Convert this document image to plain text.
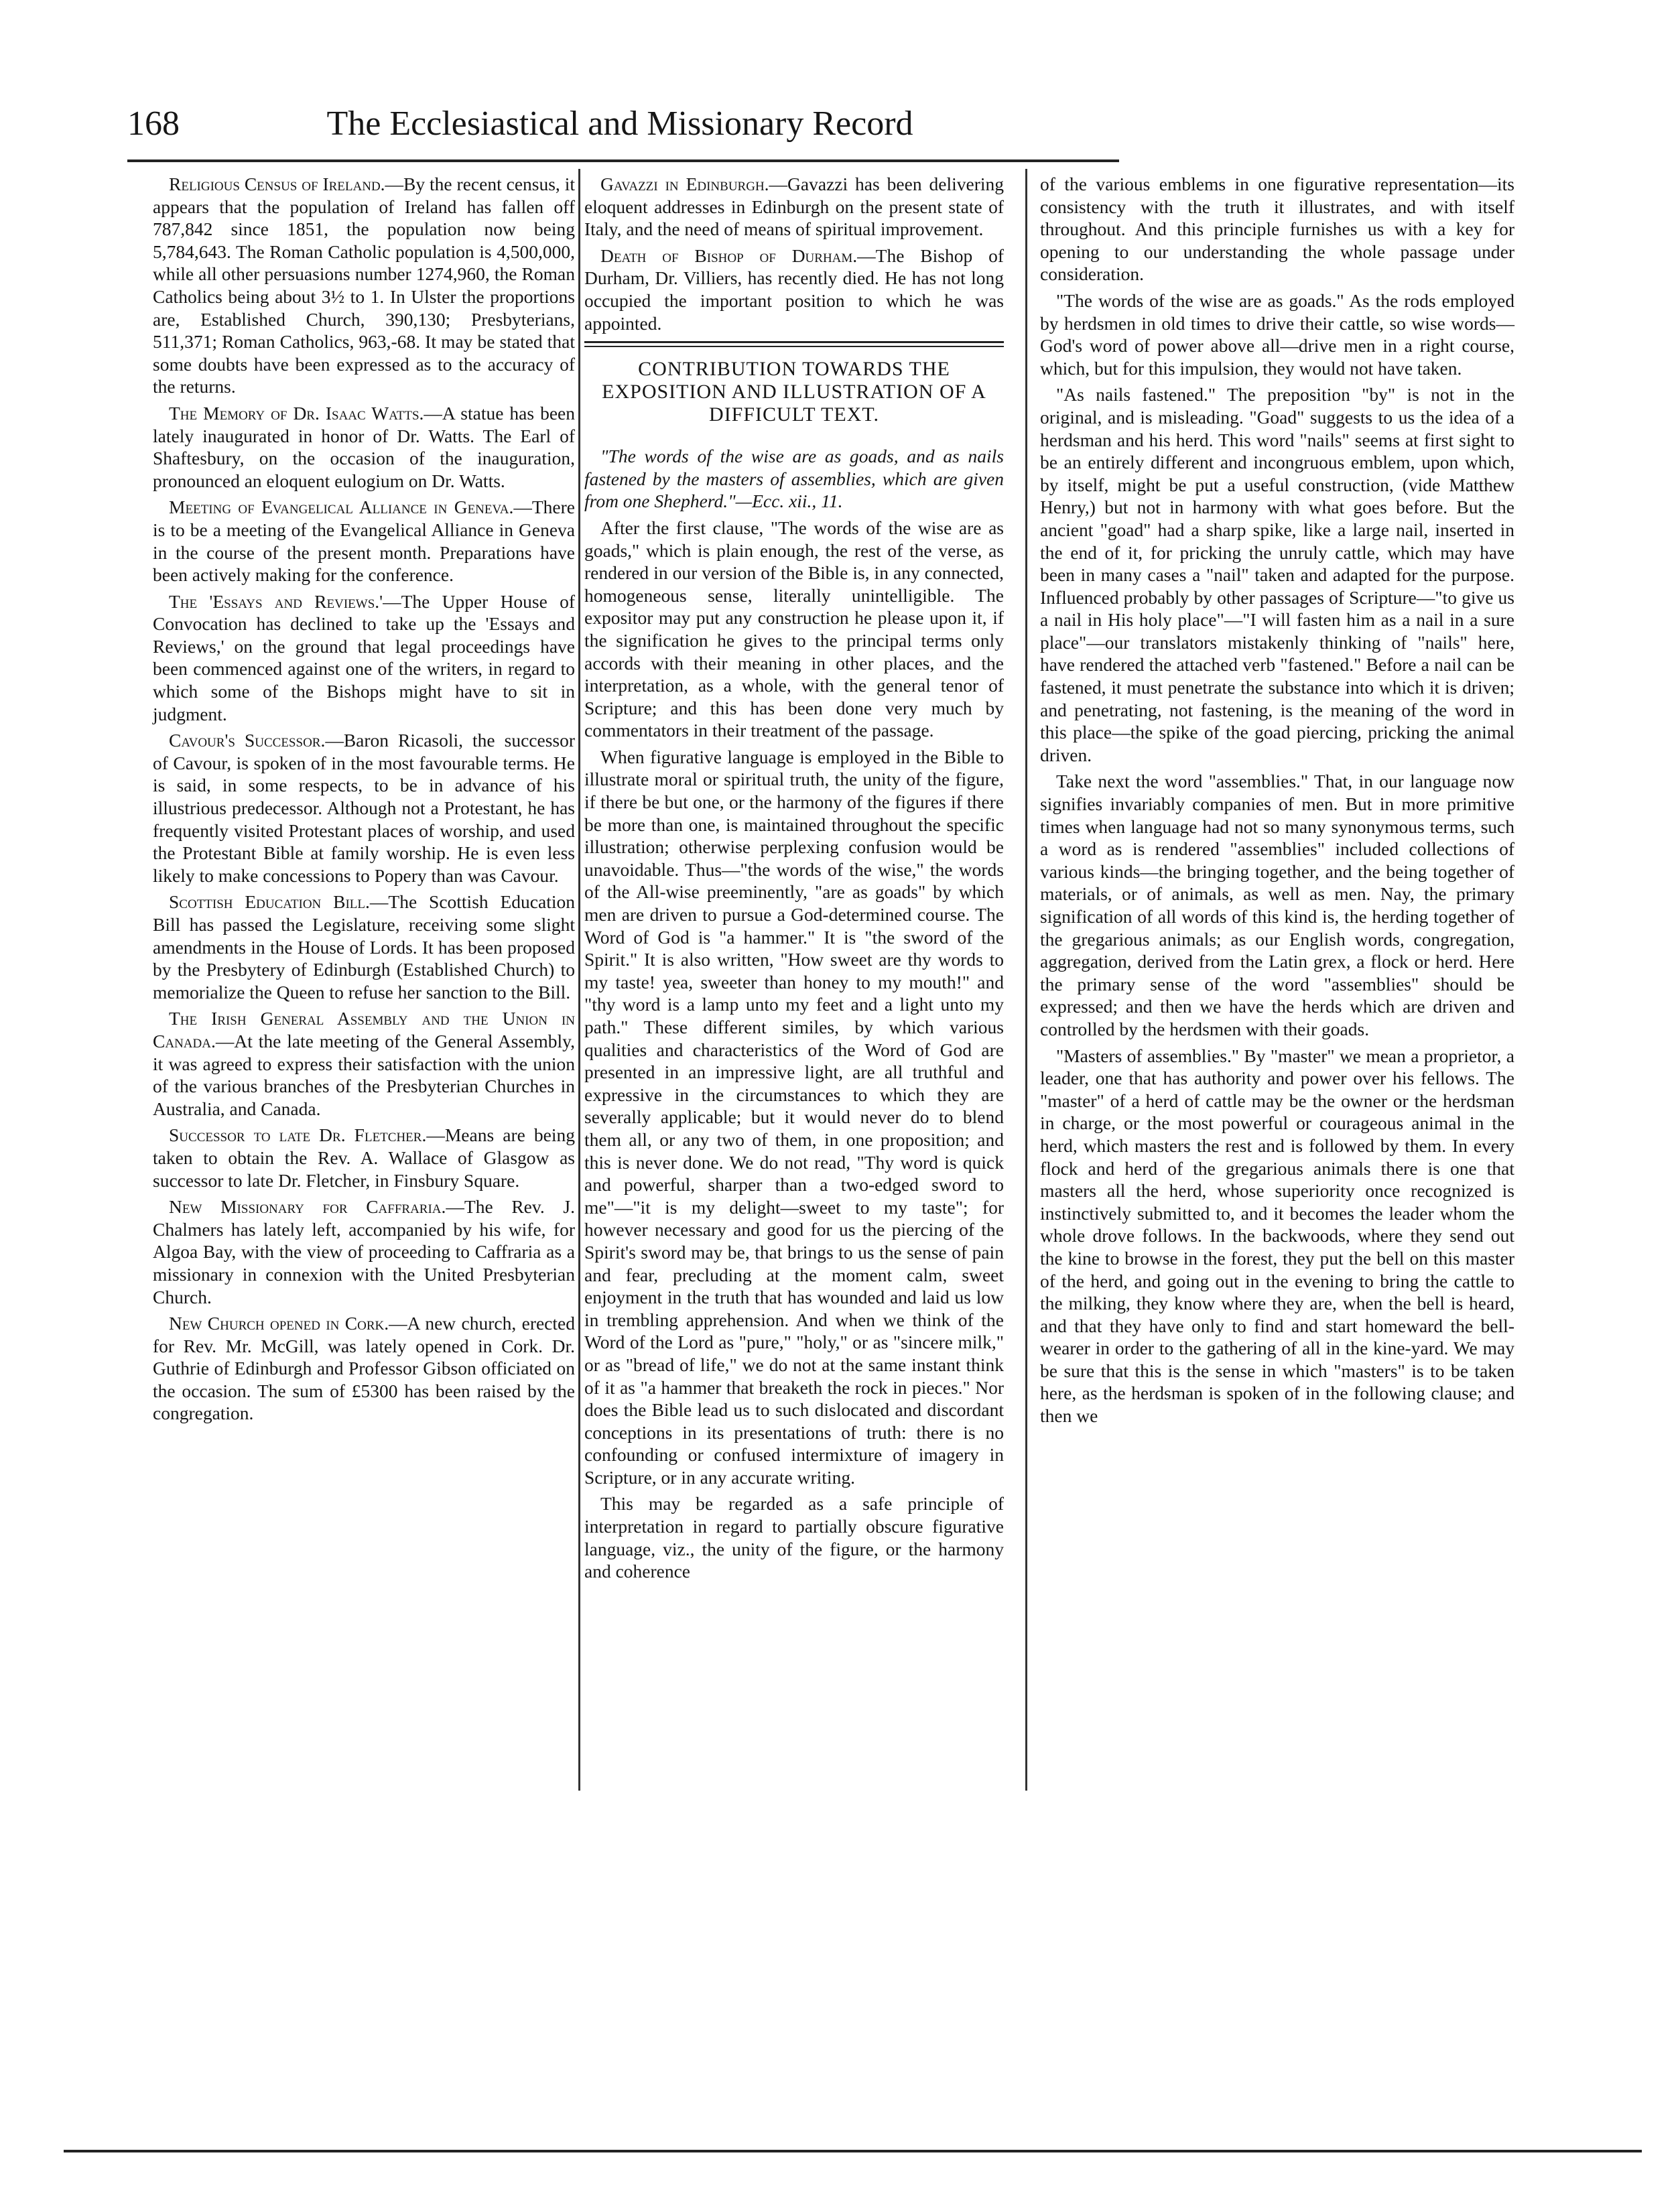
168	The Ecclesiastical and Missionary Record

Religious Census of Ireland.—By the recent census, it appears that the population of Ireland has fallen off 787,842 since 1851, the population now being 5,784,643. The Roman Catholic population is 4,500,000, while all other persuasions number 1274,960, the Roman Catholics being about 3½ to 1. In Ulster the proportions are, Established Church, 390,130; Presbyterians, 511,371; Roman Catholics, 963,-68. It may be stated that some doubts have been expressed as to the accuracy of the returns.

The Memory of Dr. Isaac Watts.—A statue has been lately inaugurated in honor of Dr. Watts. The Earl of Shaftesbury, on the occasion of the inauguration, pronounced an eloquent eulogium on Dr. Watts.

Meeting of Evangelical Alliance in Geneva.—There is to be a meeting of the Evangelical Alliance in Geneva in the course of the present month. Preparations have been actively making for the conference.

The 'Essays and Reviews.'—The Upper House of Convocation has declined to take up the 'Essays and Reviews,' on the ground that legal proceedings have been commenced against one of the writers, in regard to which some of the Bishops might have to sit in judgment.

Cavour's Successor.—Baron Ricasoli, the successor of Cavour, is spoken of in the most favourable terms. He is said, in some respects, to be in advance of his illustrious predecessor. Although not a Protestant, he has frequently visited Protestant places of worship, and used the Protestant Bible at family worship. He is even less likely to make concessions to Popery than was Cavour.

Scottish Education Bill.—The Scottish Education Bill has passed the Legislature, receiving some slight amendments in the House of Lords. It has been proposed by the Presbytery of Edinburgh (Established Church) to memorialize the Queen to refuse her sanction to the Bill.

The Irish General Assembly and the Union in Canada.—At the late meeting of the General Assembly, it was agreed to express their satisfaction with the union of the various branches of the Presbyterian Churches in Australia, and Canada.

Successor to late Dr. Fletcher.—Means are being taken to obtain the Rev. A. Wallace of Glasgow as successor to late Dr. Fletcher, in Finsbury Square.

New Missionary for Caffraria.—The Rev. J. Chalmers has lately left, accompanied by his wife, for Algoa Bay, with the view of proceeding to Caffraria as a missionary in connexion with the United Presbyterian Church.

New Church opened in Cork.—A new church, erected for Rev. Mr. McGill, was lately opened in Cork. Dr. Guthrie of Edinburgh and Professor Gibson officiated on the occasion. The sum of £5300 has been raised by the congregation.

Gavazzi in Edinburgh.—Gavazzi has been delivering eloquent addresses in Edinburgh on the present state of Italy, and the need of means of spiritual improvement.

Death of Bishop of Durham.—The Bishop of Durham, Dr. Villiers, has recently died. He has not long occupied the important position to which he was appointed.

CONTRIBUTION TOWARDS THE EXPOSITION AND ILLUSTRATION OF A DIFFICULT TEXT.

"The words of the wise are as goads, and as nails fastened by the masters of assemblies, which are given from one Shepherd."—Ecc. xii., 11.

After the first clause, "The words of the wise are as goads," which is plain enough, the rest of the verse, as rendered in our version of the Bible is, in any connected, homogeneous sense, literally unintelligible. The expositor may put any construction he please upon it, if the signification he gives to the principal terms only accords with their meaning in other places, and the interpretation, as a whole, with the general tenor of Scripture; and this has been done very much by commentators in their treatment of the passage.

When figurative language is employed in the Bible to illustrate moral or spiritual truth, the unity of the figure, if there be but one, or the harmony of the figures if there be more than one, is maintained throughout the specific illustration; otherwise perplexing confusion would be unavoidable. Thus—"the words of the wise," the words of the All-wise preeminently, "are as goads" by which men are driven to pursue a God-determined course. The Word of God is "a hammer." It is "the sword of the Spirit." It is also written, "How sweet are thy words to my taste! yea, sweeter than honey to my mouth!" and "thy word is a lamp unto my feet and a light unto my path." These different similes, by which various qualities and characteristics of the Word of God are presented in an impressive light, are all truthful and expressive in the circumstances to which they are severally applicable; but it would never do to blend them all, or any two of them, in one proposition; and this is never done. We do not read, "Thy word is quick and powerful, sharper than a two-edged sword to me"—"it is my delight—sweet to my taste"; for however necessary and good for us the piercing of the Spirit's sword may be, that brings to us the sense of pain and fear, precluding at the moment calm, sweet enjoyment in the truth that has wounded and laid us low in trembling apprehension. And when we think of the Word of the Lord as "pure," "holy," or as "sincere milk," or as "bread of life," we do not at the same instant think of it as "a hammer that breaketh the rock in pieces." Nor does the Bible lead us to such dislocated and discordant conceptions in its presentations of truth: there is no confounding or confused intermixture of imagery in Scripture, or in any accurate writing.

This may be regarded as a safe principle of interpretation in regard to partially obscure figurative language, viz., the unity of the figure, or the harmony and coherence

of the various emblems in one figurative representation—its consistency with the truth it illustrates, and with itself throughout. And this principle furnishes us with a key for opening to our understanding the whole passage under consideration.

"The words of the wise are as goads." As the rods employed by herdsmen in old times to drive their cattle, so wise words—God's word of power above all—drive men in a right course, which, but for this impulsion, they would not have taken.

"As nails fastened." The preposition "by" is not in the original, and is misleading. "Goad" suggests to us the idea of a herdsman and his herd. This word "nails" seems at first sight to be an entirely different and incongruous emblem, upon which, by itself, might be put a useful construction, (vide Matthew Henry,) but not in harmony with what goes before. But the ancient "goad" had a sharp spike, like a large nail, inserted in the end of it, for pricking the unruly cattle, which may have been in many cases a "nail" taken and adapted for the purpose. Influenced probably by other passages of Scripture—"to give us a nail in His holy place"—"I will fasten him as a nail in a sure place"—our translators mistakenly thinking of "nails" here, have rendered the attached verb "fastened." Before a nail can be fastened, it must penetrate the substance into which it is driven; and penetrating, not fastening, is the meaning of the word in this place—the spike of the goad piercing, pricking the animal driven.

Take next the word "assemblies." That, in our language now signifies invariably companies of men. But in more primitive times when language had not so many synonymous terms, such a word as is rendered "assemblies" included collections of various kinds—the bringing together, and the being together of materials, or of animals, as well as men. Nay, the primary signification of all words of this kind is, the herding together of the gregarious animals; as our English words, congregation, aggregation, derived from the Latin grex, a flock or herd. Here the primary sense of the word "assemblies" should be expressed; and then we have the herds which are driven and controlled by the herdsmen with their goads.

"Masters of assemblies." By "master" we mean a proprietor, a leader, one that has authority and power over his fellows. The "master" of a herd of cattle may be the owner or the herdsman in charge, or the most powerful or courageous animal in the herd, which masters the rest and is followed by them. In every flock and herd of the gregarious animals there is one that masters all the herd, whose superiority once recognized is instinctively submitted to, and it becomes the leader whom the whole drove follows. In the backwoods, where they send out the kine to browse in the forest, they put the bell on this master of the herd, and going out in the evening to bring the cattle to the milking, they know where they are, when the bell is heard, and that they have only to find and start homeward the bell-wearer in order to the gathering of all in the kine-yard. We may be sure that this is the sense in which "masters" is to be taken here, as the herdsman is spoken of in the following clause; and then we
